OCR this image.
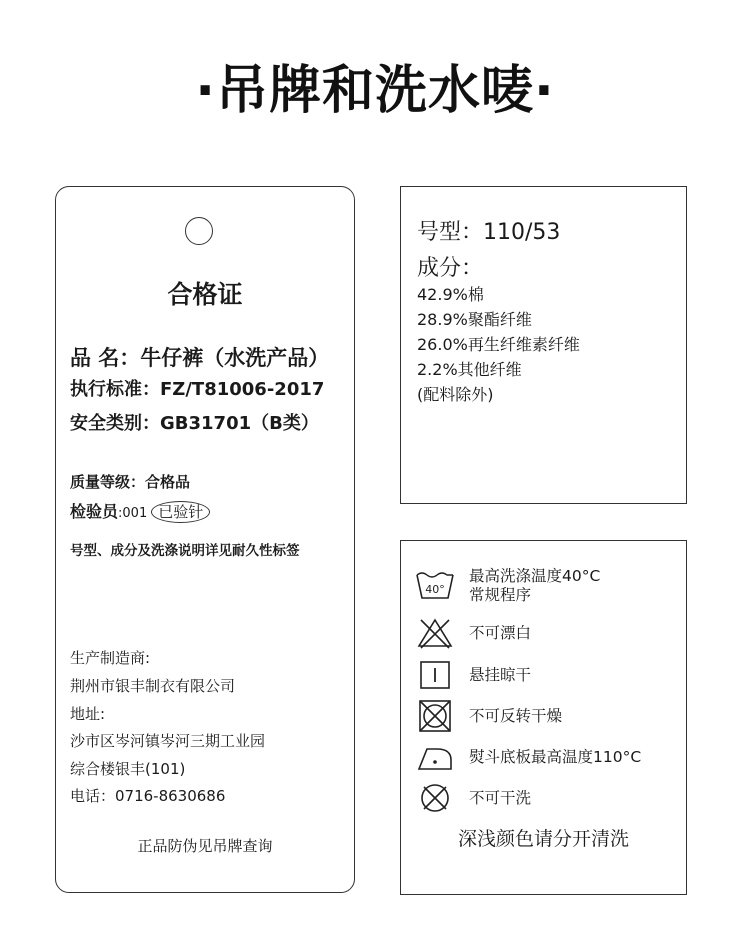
·吊牌和洗水唛·
合格证
品 名：牛仔裤（水洗产品）
执行标准：FZ/T81006-2017
安全类别：GB31701（B类）
质量等级：合格品
检验员:001 已验针
号型、成分及洗涤说明详见耐久性标签
生产制造商:
荆州市银丰制衣有限公司
地址:
沙市区岑河镇岑河三期工业园
综合楼银丰(101)
电话：0716-8630686
正品防伪见吊牌查询
号型：110/53
成分：
42.9%棉
28.9%聚酯纤维
26.0%再生纤维素纤维
2.2%其他纤维
(配料除外)
40°
最高洗涤温度40°C
常规程序
不可漂白
悬挂晾干
不可反转干燥
熨斗底板最高温度110°C
不可干洗
深浅颜色请分开清洗
